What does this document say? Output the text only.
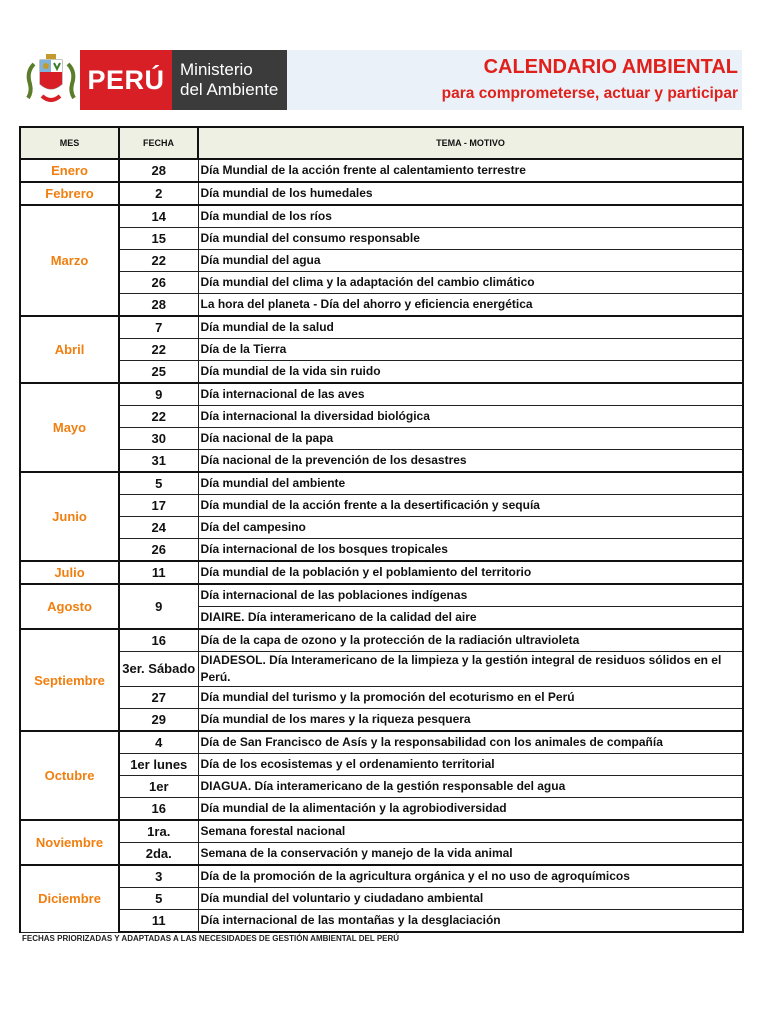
PERÚ Ministerio
del Ambiente
CALENDARIO AMBIENTAL
para comprometerse, actuar y participar
MES	FECHA	TEMA - MOTIVO
Enero	28	Día Mundial de la acción frente al calentamiento terrestre
Febrero	2	Día mundial de los humedales
Marzo	14	Día mundial de los ríos
	15	Día mundial del consumo responsable
	22	Día mundial del agua
	26	Día mundial del clima y la adaptación del cambio climático
	28	La hora del planeta - Día del ahorro y eficiencia energética
Abril	7	Día mundial de la salud
	22	Día de la Tierra
	25	Día mundial de la vida sin ruido
Mayo	9	Día internacional de las aves
	22	Día internacional la diversidad biológica
	30	Día nacional de la papa
	31	Día nacional de la prevención de los desastres
Junio	5	Día mundial del ambiente
	17	Día mundial de la acción frente a la desertificación y sequía
	24	Día del campesino
	26	Día internacional de los bosques tropicales
Julio	11	Día mundial de la población y el poblamiento del territorio
Agosto	9	Día internacional de las poblaciones indígenas
		DIAIRE. Día interamericano de la calidad del aire
Septiembre	16	Día de la capa de ozono y la protección de la radiación ultravioleta
	3er. Sábado	DIADESOL. Día Interamericano de la limpieza y la gestión integral de residuos sólidos en el Perú.
	27	Día mundial del turismo y la promoción del ecoturismo en el Perú
	29	Día mundial de los mares y la riqueza pesquera
Octubre	4	Día de San Francisco de Asís y la responsabilidad con los animales de compañía
	1er lunes	Día de los ecosistemas y el ordenamiento territorial
	1er	DIAGUA. Día interamericano de la gestión responsable del agua
	16	Día mundial de la alimentación y la agrobiodiversidad
Noviembre	1ra.	Semana forestal nacional
	2da.	Semana de la conservación y manejo de la vida animal
Diciembre	3	Día de la promoción de la agricultura orgánica y el no uso de agroquímicos
	5	Día mundial del voluntario y ciudadano ambiental
	11	Día internacional de las montañas y la desglaciación
FECHAS PRIORIZADAS Y ADAPTADAS A LAS NECESIDADES DE GESTIÓN AMBIENTAL DEL PERÚ
